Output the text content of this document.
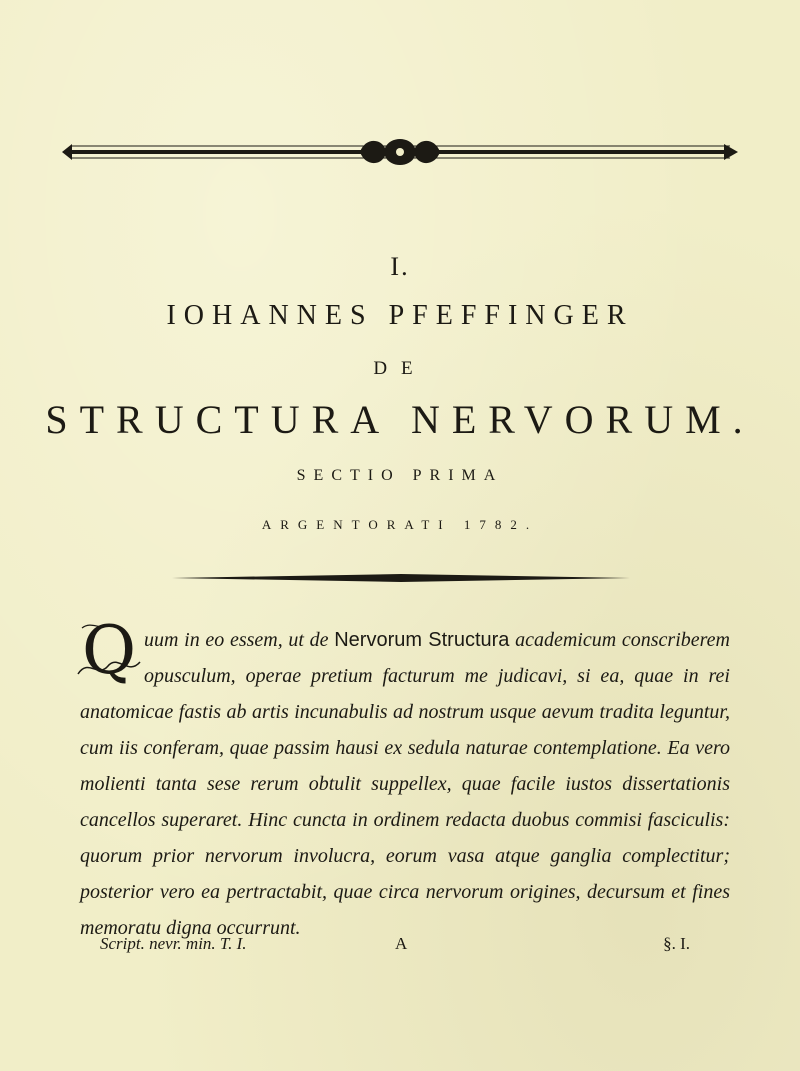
I.
IOHANNES PFEFFINGER
DE
STRUCTURA NERVORUM.
SECTIO PRIMA
ARGENTORATI 1782.
Q uum in eo essem, ut de Nervorum Structura academicum conscriberem opusculum, operae pretium facturum me judicavi, si ea, quae in rei anatomicae fastis ab artis incunabulis ad nostrum usque aevum tradita leguntur, cum iis conferam, quae passim hausi ex sedula naturae contemplatione. Ea vero molienti tanta sese rerum obtulit suppellex, quae facile iustos dissertationis cancellos superaret. Hinc cuncta in ordinem redacta duobus commisi fasciculis: quorum prior nervorum involucra, eorum vasa atque ganglia complectitur; posterior vero ea pertractabit, quae circa nervorum origines, decursum et fines memoratu digna occurrunt.
Script. nevr. min. T. I.	A	§. I.
